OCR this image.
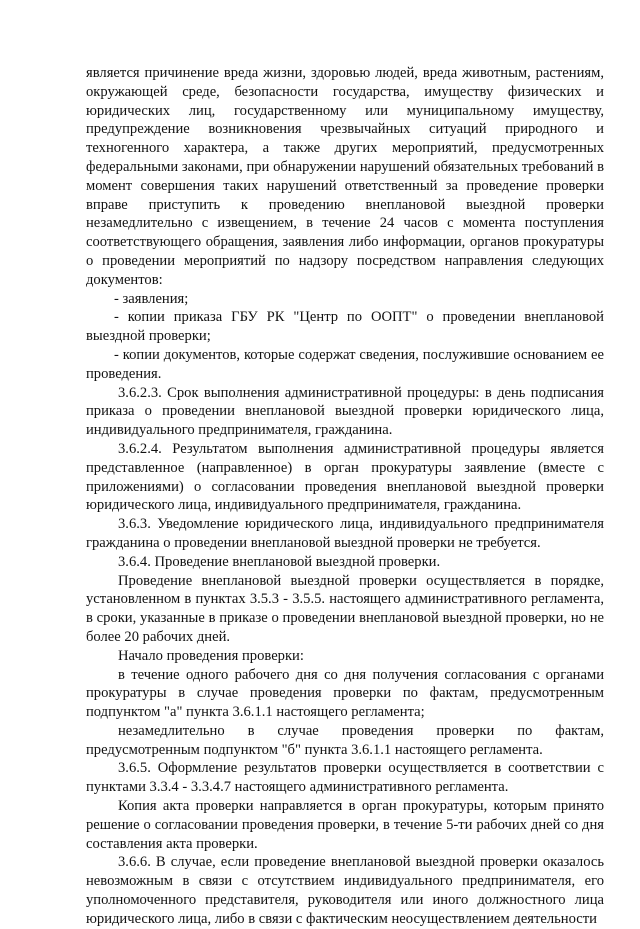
является причинение вреда жизни, здоровью людей, вреда животным, растениям, окружающей среде, безопасности государства, имуществу физических и юридических лиц, государственному или муниципальному имуществу, предупреждение возникновения чрезвычайных ситуаций природного и техногенного характера, а также других мероприятий, предусмотренных федеральными законами, при обнаружении нарушений обязательных требований в момент совершения таких нарушений ответственный за проведение проверки вправе приступить к проведению внеплановой выездной проверки незамедлительно с извещением, в течение 24 часов с момента поступления соответствующего обращения, заявления либо информации, органов прокуратуры о проведении мероприятий по надзору посредством направления следующих документов:

- заявления;

- копии приказа ГБУ РК "Центр по ООПТ" о проведении внеплановой выездной проверки;

- копии документов, которые содержат сведения, послужившие основанием ее проведения.

3.6.2.3. Срок выполнения административной процедуры: в день подписания приказа о проведении внеплановой выездной проверки юридического лица, индивидуального предпринимателя, гражданина.

3.6.2.4. Результатом выполнения административной процедуры является представленное (направленное) в орган прокуратуры заявление (вместе с приложениями) о согласовании проведения внеплановой выездной проверки юридического лица, индивидуального предпринимателя, гражданина.

3.6.3. Уведомление юридического лица, индивидуального предпринимателя гражданина о проведении внеплановой выездной проверки не требуется.

3.6.4. Проведение внеплановой выездной проверки.

Проведение внеплановой выездной проверки осуществляется в порядке, установленном в пунктах 3.5.3 - 3.5.5. настоящего административного регламента, в сроки, указанные в приказе о проведении внеплановой выездной проверки, но не более 20 рабочих дней.

Начало проведения проверки:

в течение одного рабочего дня со дня получения согласования с органами прокуратуры в случае проведения проверки по фактам, предусмотренным подпунктом "а" пункта 3.6.1.1 настоящего регламента;

незамедлительно в случае проведения проверки по фактам, предусмотренным подпунктом "б" пункта 3.6.1.1 настоящего регламента.

3.6.5. Оформление результатов проверки осуществляется в соответствии с пунктами 3.3.4 - 3.3.4.7 настоящего административного регламента.

Копия акта проверки направляется в орган прокуратуры, которым принято решение о согласовании проведения проверки, в течение 5-ти рабочих дней со дня составления акта проверки.

3.6.6. В случае, если проведение внеплановой выездной проверки оказалось невозможным в связи с отсутствием индивидуального предпринимателя, его уполномоченного представителя, руководителя или иного должностного лица юридического лица, либо в связи с фактическим неосуществлением деятельности
